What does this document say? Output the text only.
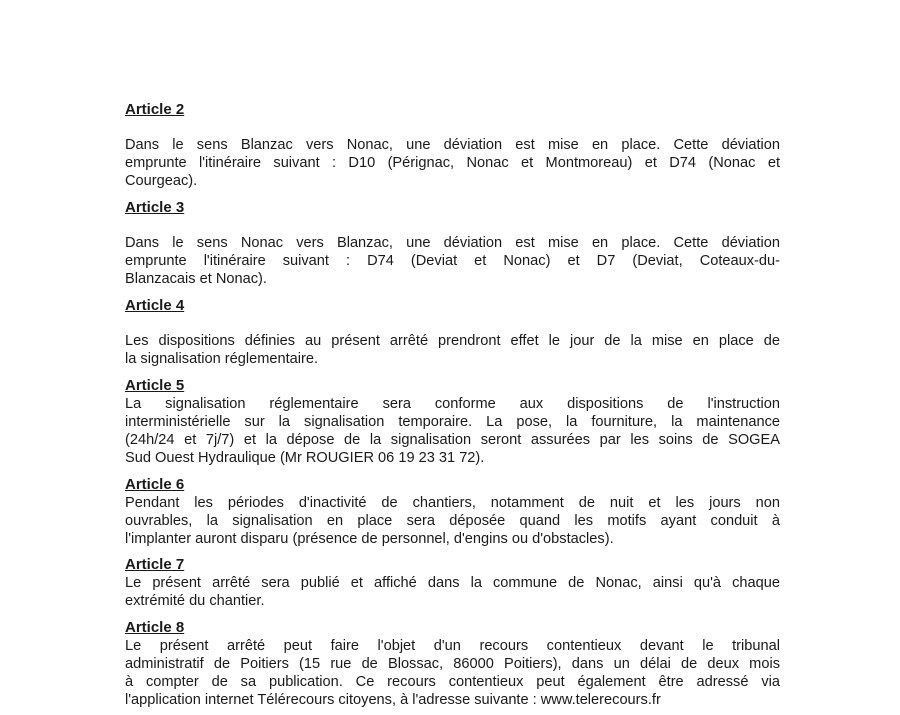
Article 2
Dans le sens Blanzac vers Nonac, une déviation est mise en place. Cette déviation
emprunte l'itinéraire suivant : D10 (Pérignac, Nonac et Montmoreau) et D74 (Nonac et
Courgeac).
Article 3
Dans le sens Nonac vers Blanzac, une déviation est mise en place. Cette déviation
emprunte l'itinéraire suivant : D74 (Deviat et Nonac) et D7 (Deviat, Coteaux-du-
Blanzacais et Nonac).
Article 4
Les dispositions définies au présent arrêté prendront effet le jour de la mise en place de
la signalisation réglementaire.
Article 5
La signalisation réglementaire sera conforme aux dispositions de l'instruction
interministérielle sur la signalisation temporaire. La pose, la fourniture, la maintenance
(24h/24 et 7j/7) et la dépose de la signalisation seront assurées par les soins de SOGEA
Sud Ouest Hydraulique (Mr ROUGIER 06 19 23 31 72).
Article 6
Pendant les périodes d'inactivité de chantiers, notamment de nuit et les jours non
ouvrables, la signalisation en place sera déposée quand les motifs ayant conduit à
l'implanter auront disparu (présence de personnel, d'engins ou d'obstacles).
Article 7
Le présent arrêté sera publié et affiché dans la commune de Nonac, ainsi qu'à chaque
extrémité du chantier.
Article 8
Le présent arrêté peut faire l'objet d'un recours contentieux devant le tribunal
administratif de Poitiers (15 rue de Blossac, 86000 Poitiers), dans un délai de deux mois
à compter de sa publication. Ce recours contentieux peut également être adressé via
l'application internet Télérecours citoyens, à l'adresse suivante : www.telerecours.fr
